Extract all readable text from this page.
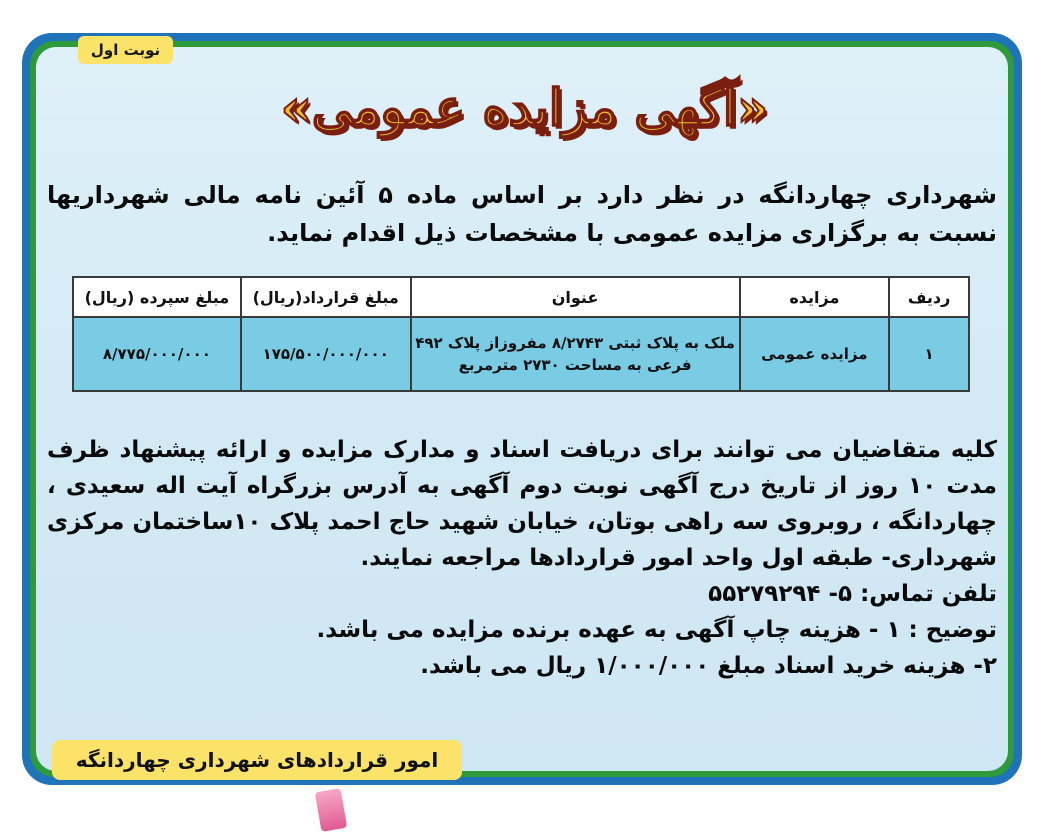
نوبت اول
«آگهی مزایده عمومی»
شهرداری چهاردانگه در نظر دارد بر اساس ماده ۵ آئین نامه مالی شهرداریها نسبت به برگزاری مزایده عمومی با مشخصات ذیل اقدام نماید.
ردیف	مزایده	عنوان	مبلغ قرارداد(ریال)	مبلغ سپرده (ریال)
۱	مزایده عمومی	ملک به پلاک ثبتی ۸/۲۷۴۳ مفروزاز پلاک ۴۹۲ فرعی به مساحت ۲۷۳۰ مترمربع	۱۷۵/۵۰۰/۰۰۰/۰۰۰	۸/۷۷۵/۰۰۰/۰۰۰
کلیه متقاضیان می توانند برای دریافت اسناد و مدارک مزایده و ارائه پیشنهاد ظرف مدت ۱۰ روز از تاریخ درج آگهی نوبت دوم آگهی به آدرس بزرگراه آیت اله سعیدی ، چهاردانگه ، روبروی سه راهی بوتان، خیابان شهید حاج احمد پلاک ۱۰ساختمان مرکزی شهرداری- طبقه اول واحد امور قراردادها مراجعه نمایند.
تلفن تماس: ۵- ۵۵۲۷۹۲۹۴
توضیح : ۱ - هزینه چاپ آگهی به عهده برنده مزایده می باشد.
۲- هزینه خرید اسناد مبلغ ۱/۰۰۰/۰۰۰ ریال می باشد.
امور قراردادهای شهرداری چهاردانگه
